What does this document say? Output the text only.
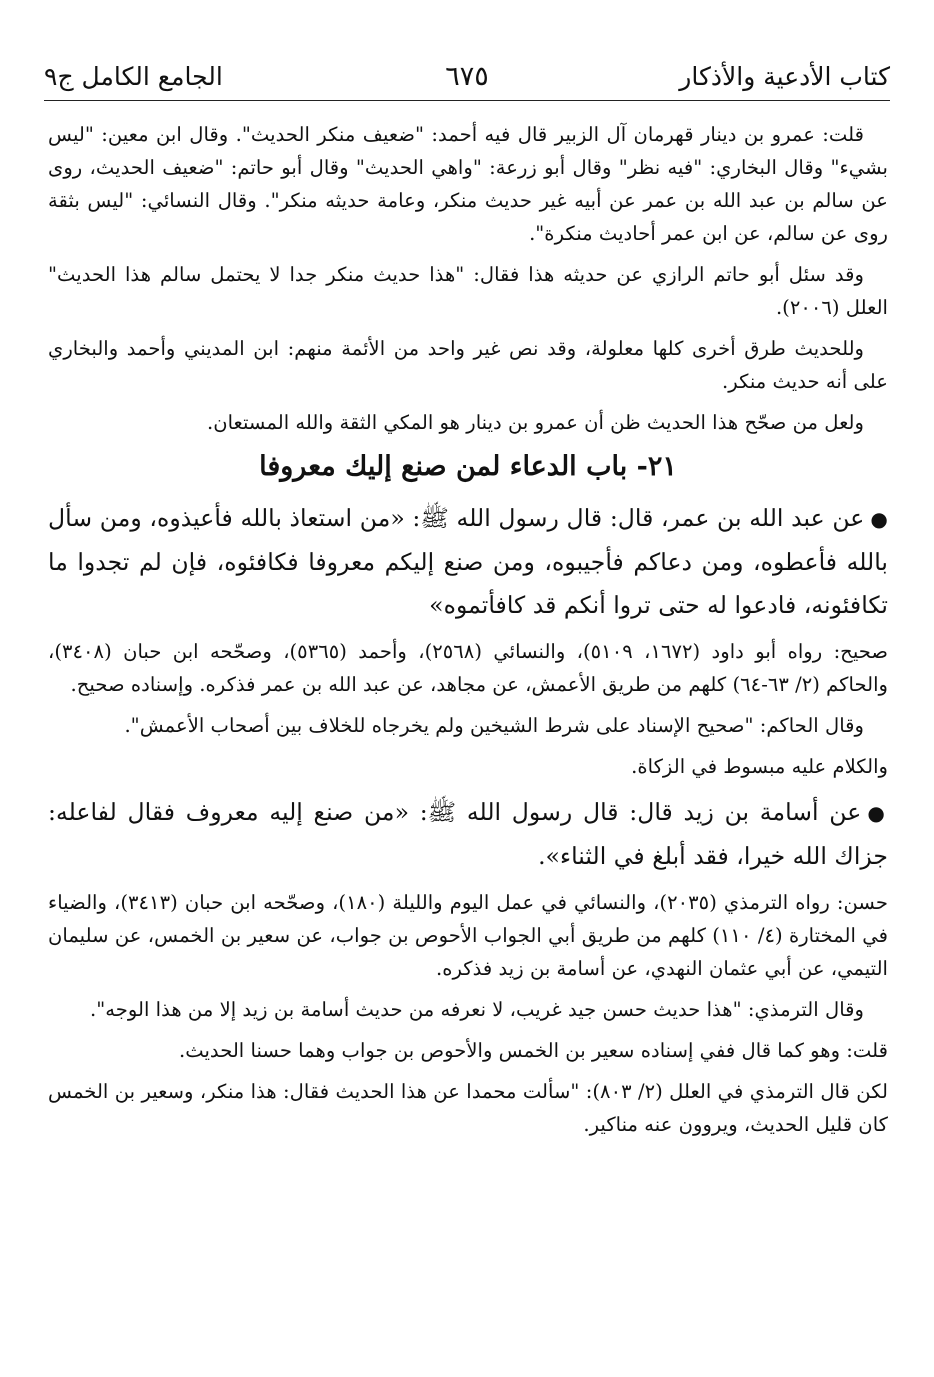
كتاب الأدعية والأذكار
٦٧٥
الجامع الكامل ج٩

قلت: عمرو بن دينار قهرمان آل الزبير قال فيه أحمد: "ضعيف منكر الحديث". وقال ابن معين: "ليس بشيء" وقال البخاري: "فيه نظر" وقال أبو زرعة: "واهي الحديث" وقال أبو حاتم: "ضعيف الحديث، روى عن سالم بن عبد الله بن عمر عن أبيه غير حديث منكر، وعامة حديثه منكر". وقال النسائي: "ليس بثقة روى عن سالم، عن ابن عمر أحاديث منكرة".

وقد سئل أبو حاتم الرازي عن حديثه هذا فقال: "هذا حديث منكر جدا لا يحتمل سالم هذا الحديث" العلل (٢٠٠٦).

وللحديث طرق أخرى كلها معلولة، وقد نص غير واحد من الأئمة منهم: ابن المديني وأحمد والبخاري على أنه حديث منكر.

ولعل من صحّح هذا الحديث ظن أن عمرو بن دينار هو المكي الثقة والله المستعان.

٢١- باب الدعاء لمن صنع إليك معروفا

●عن عبد الله بن عمر، قال: قال رسول الله ﷺ: «من استعاذ بالله فأعيذوه، ومن سأل بالله فأعطوه، ومن دعاكم فأجيبوه، ومن صنع إليكم معروفا فكافئوه، فإن لم تجدوا ما تكافئونه، فادعوا له حتى تروا أنكم قد كافأتموه»

صحيح: رواه أبو داود (١٦٧٢، ٥١٠٩)، والنسائي (٢٥٦٨)، وأحمد (٥٣٦٥)، وصحّحه ابن حبان (٣٤٠٨)، والحاكم (٢/ ٦٣-٦٤) كلهم من طريق الأعمش، عن مجاهد، عن عبد الله بن عمر فذكره. وإسناده صحيح.

وقال الحاكم: "صحيح الإسناد على شرط الشيخين ولم يخرجاه للخلاف بين أصحاب الأعمش".

والكلام عليه مبسوط في الزكاة.

●عن أسامة بن زيد قال: قال رسول الله ﷺ: «من صنع إليه معروف فقال لفاعله: جزاك الله خيرا، فقد أبلغ في الثناء».

حسن: رواه الترمذي (٢٠٣٥)، والنسائي في عمل اليوم والليلة (١٨٠)، وصحّحه ابن حبان (٣٤١٣)، والضياء في المختارة (٤/ ١١٠) كلهم من طريق أبي الجواب الأحوص بن جواب، عن سعير بن الخمس، عن سليمان التيمي، عن أبي عثمان النهدي، عن أسامة بن زيد فذكره.

وقال الترمذي: "هذا حديث حسن جيد غريب، لا نعرفه من حديث أسامة بن زيد إلا من هذا الوجه".

قلت: وهو كما قال ففي إسناده سعير بن الخمس والأحوص بن جواب وهما حسنا الحديث.

لكن قال الترمذي في العلل (٢/ ٨٠٣): "سألت محمدا عن هذا الحديث فقال: هذا منكر، وسعير بن الخمس كان قليل الحديث، ويروون عنه مناكير.
